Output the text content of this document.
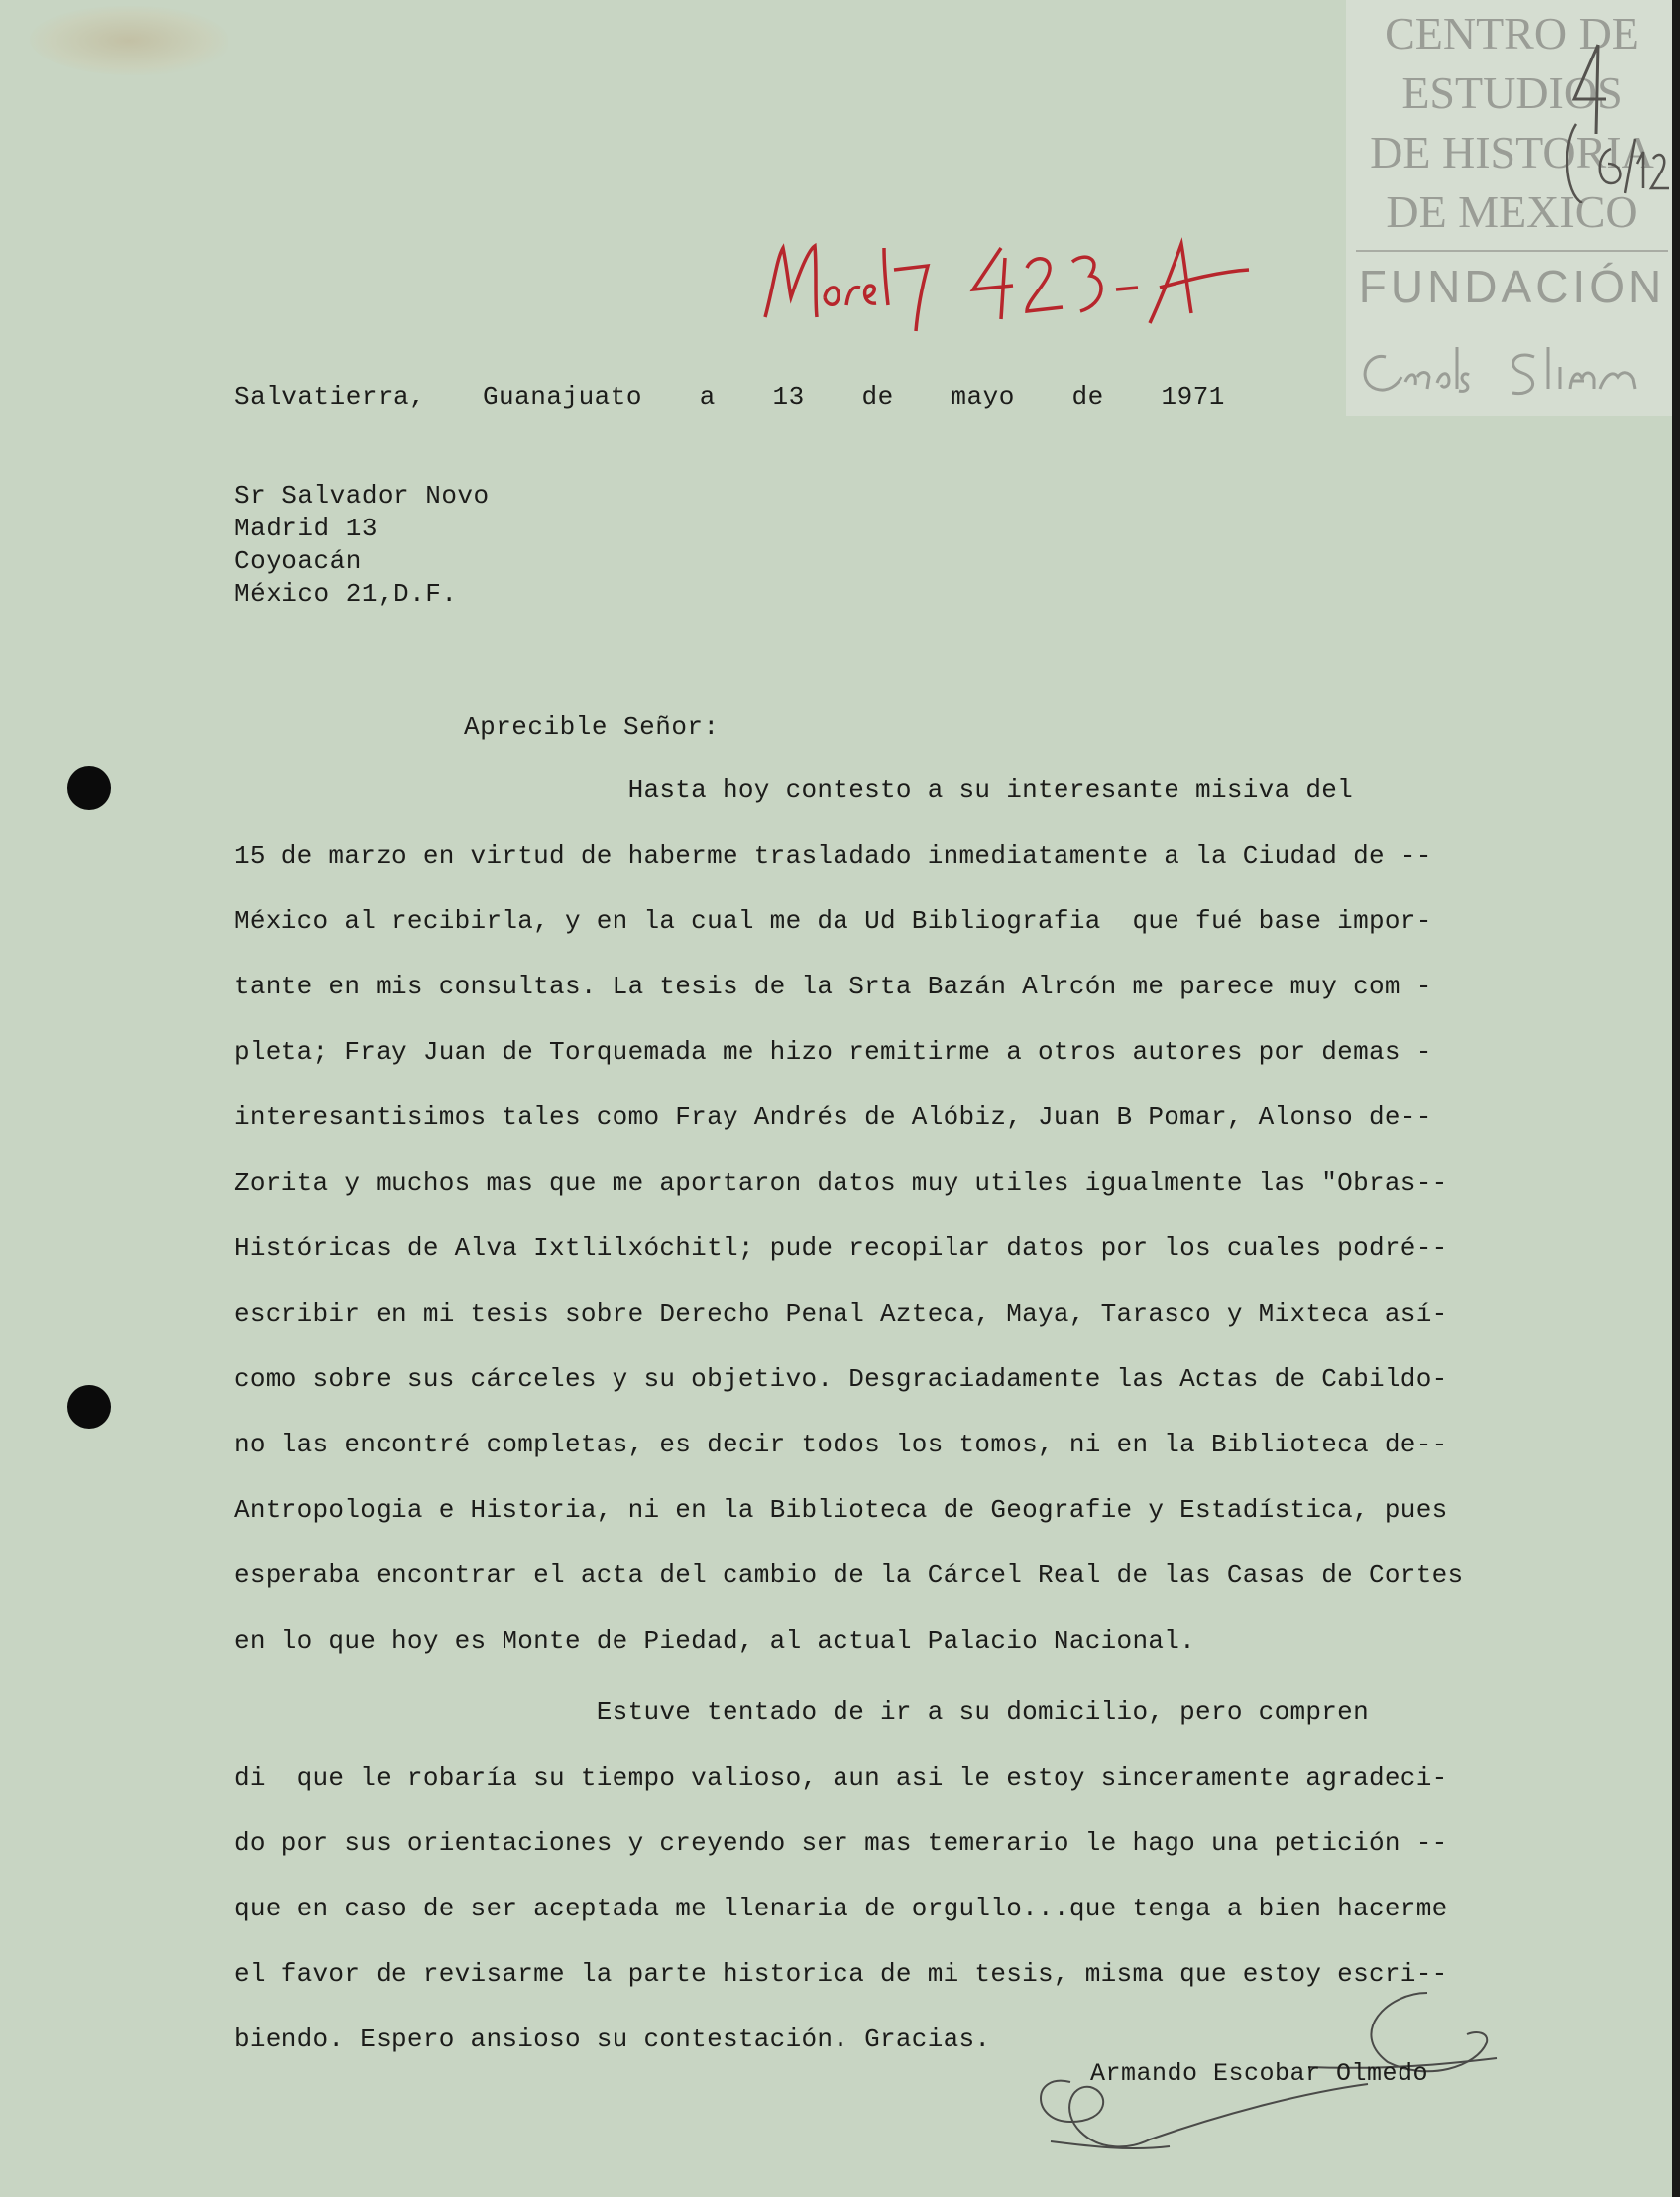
CENTRO DE
ESTUDIOS
DE HISTORIA
DE MEXICO
FUNDACIÓN
Salvatierra, Guanajuato a 13 de mayo de 1971
Sr Salvador Novo
Madrid 13
Coyoacán
México 21,D.F.
Aprecible Señor:
Hasta hoy contesto a su interesante misiva del
15 de marzo en virtud de haberme trasladado inmediatamente a la Ciudad de --
México al recibirla, y en la cual me da Ud Bibliografia  que fué base impor-
tante en mis consultas. La tesis de la Srta Bazán Alrcón me parece muy com -
pleta; Fray Juan de Torquemada me hizo remitirme a otros autores por demas -
interesantisimos tales como Fray Andrés de Alóbiz, Juan B Pomar, Alonso de--
Zorita y muchos mas que me aportaron datos muy utiles igualmente las "Obras--
Históricas de Alva Ixtlilxóchitl; pude recopilar datos por los cuales podré--
escribir en mi tesis sobre Derecho Penal Azteca, Maya, Tarasco y Mixteca así-
como sobre sus cárceles y su objetivo. Desgraciadamente las Actas de Cabildo-
no las encontré completas, es decir todos los tomos, ni en la Biblioteca de--
Antropologia e Historia, ni en la Biblioteca de Geografie y Estadística, pues
esperaba encontrar el acta del cambio de la Cárcel Real de las Casas de Cortes
en lo que hoy es Monte de Piedad, al actual Palacio Nacional.
Estuve tentado de ir a su domicilio, pero compren
di  que le robaría su tiempo valioso, aun asi le estoy sinceramente agradeci-
do por sus orientaciones y creyendo ser mas temerario le hago una petición --
que en caso de ser aceptada me llenaria de orgullo...que tenga a bien hacerme
el favor de revisarme la parte historica de mi tesis, misma que estoy escri--
biendo. Espero ansioso su contestación. Gracias.
Armando Escobar Olmedo
